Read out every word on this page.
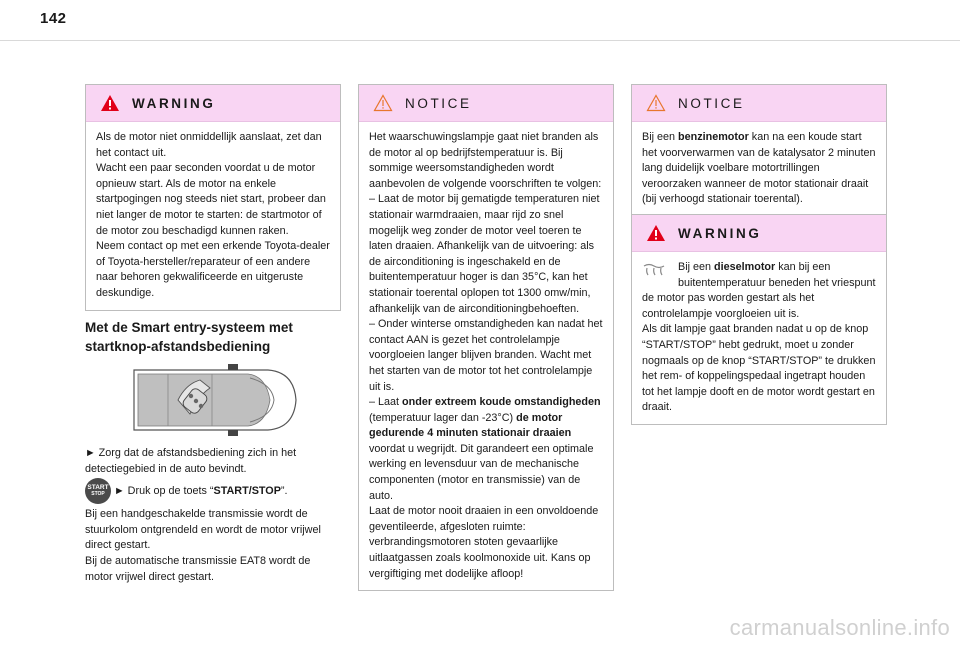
142
WARNING

Als de motor niet onmiddellijk aanslaat, zet dan het contact uit.

Wacht een paar seconden voordat u de motor opnieuw start. Als de motor na enkele startpogingen nog steeds niet start, probeer dan niet langer de motor te starten: de startmotor of de motor zou beschadigd kunnen raken.

Neem contact op met een erkende Toyota-dealer of Toyota-hersteller/reparateur of een andere naar behoren gekwalificeerde en uitgeruste deskundige.

Met de Smart entry-systeem met startknop-afstandsbediening

► Zorg dat de afstandsbediening zich in het detectiegebied in de auto bevindt.

START
STOP ► Druk op de toets “START/STOP”.

Bij een handgeschakelde transmissie wordt de stuurkolom ontgrendeld en wordt de motor vrijwel direct gestart.

Bij de automatische transmissie EAT8 wordt de motor vrijwel direct gestart.

NOTICE

Het waarschuwingslampje gaat niet branden als de motor al op bedrijfstemperatuur is. Bij sommige weersomstandigheden wordt aanbevolen de volgende voorschriften te volgen:

– Laat de motor bij gematigde temperaturen niet stationair warmdraaien, maar rijd zo snel mogelijk weg zonder de motor veel toeren te laten draaien. Afhankelijk van de uitvoering: als de airconditioning is ingeschakeld en de buitentemperatuur hoger is dan 35°C, kan het stationair toerental oplopen tot 1300 omw/min, afhankelijk van de airconditioningbehoeften.

– Onder winterse omstandigheden kan nadat het contact AAN is gezet het controlelampje voorgloeien langer blijven branden. Wacht met het starten van de motor tot het controlelampje uit is.

– Laat onder extreem koude omstandigheden (temperatuur lager dan -23°C) de motor gedurende 4 minuten stationair draaien voordat u wegrijdt. Dit garandeert een optimale werking en levensduur van de mechanische componenten (motor en transmissie) van de auto.

Laat de motor nooit draaien in een onvoldoende geventileerde, afgesloten ruimte: verbrandingsmotoren stoten gevaarlijke uitlaatgassen zoals koolmonoxide uit. Kans op vergiftiging met dodelijke afloop!

NOTICE

Bij een benzinemotor kan na een koude start het voorverwarmen van de katalysator 2 minuten lang duidelijk voelbare motortrillingen veroorzaken wanneer de motor stationair draait (bij verhoogd stationair toerental).

WARNING

Bij een dieselmotor kan bij een buitentemperatuur beneden het vriespunt de motor pas worden gestart als het controlelampje voorgloeien uit is.

Als dit lampje gaat branden nadat u op de knop “START/STOP” hebt gedrukt, moet u zonder nogmaals op de knop “START/STOP” te drukken het rem- of koppelingspedaal ingetrapt houden tot het lampje dooft en de motor wordt gestart en draait.

carmanualsonline.info
